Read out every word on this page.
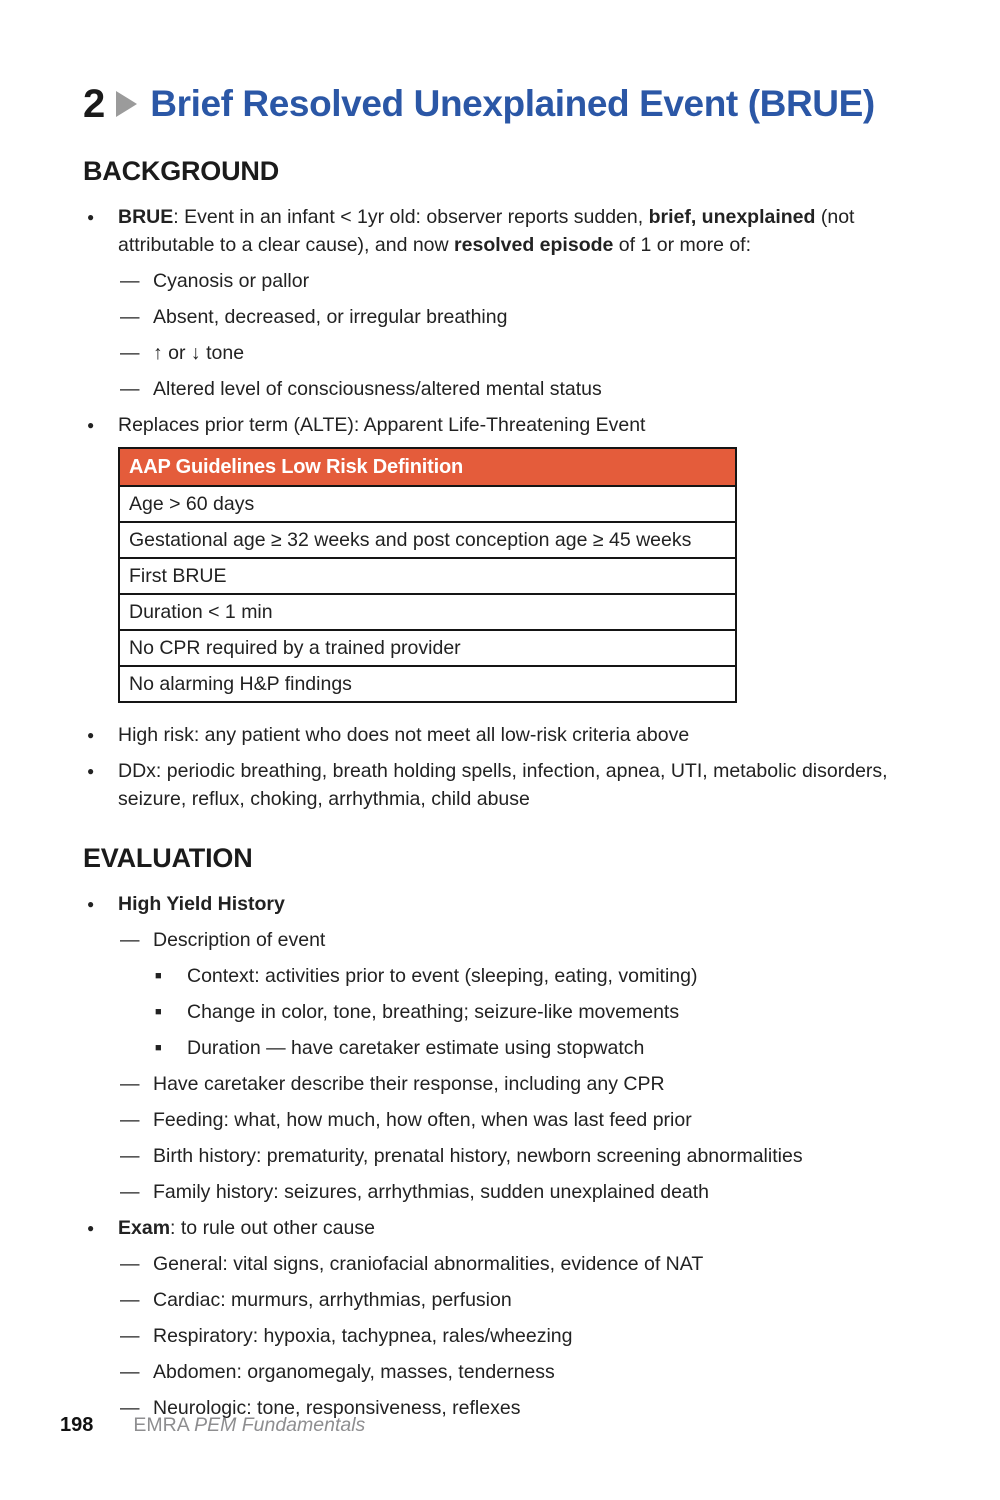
2 Brief Resolved Unexplained Event (BRUE)
BACKGROUND
●	BRUE: Event in an infant < 1yr old: observer reports sudden, brief, unexplained (not attributable to a clear cause), and now resolved episode of 1 or more of:
— Cyanosis or pallor
— Absent, decreased, or irregular breathing
— ↑ or ↓ tone
— Altered level of consciousness/altered mental status
●	Replaces prior term (ALTE): Apparent Life-Threatening Event
AAP Guidelines Low Risk Definition
Age > 60 days
Gestational age ≥ 32 weeks and post conception age ≥ 45 weeks
First BRUE
Duration < 1 min
No CPR required by a trained provider
No alarming H&P findings
●	High risk: any patient who does not meet all low-risk criteria above
●	DDx: periodic breathing, breath holding spells, infection, apnea, UTI, metabolic disorders, seizure, reflux, choking, arrhythmia, child abuse
EVALUATION
●	High Yield History
— Description of event
■	Context: activities prior to event (sleeping, eating, vomiting)
■	Change in color, tone, breathing; seizure-like movements
■	Duration — have caretaker estimate using stopwatch
— Have caretaker describe their response, including any CPR
— Feeding: what, how much, how often, when was last feed prior
— Birth history: prematurity, prenatal history, newborn screening abnormalities
— Family history: seizures, arrhythmias, sudden unexplained death
●	Exam: to rule out other cause
— General: vital signs, craniofacial abnormalities, evidence of NAT
— Cardiac: murmurs, arrhythmias, perfusion
— Respiratory: hypoxia, tachypnea, rales/wheezing
— Abdomen: organomegaly, masses, tenderness
— Neurologic: tone, responsiveness, reflexes
198 EMRA PEM Fundamentals
